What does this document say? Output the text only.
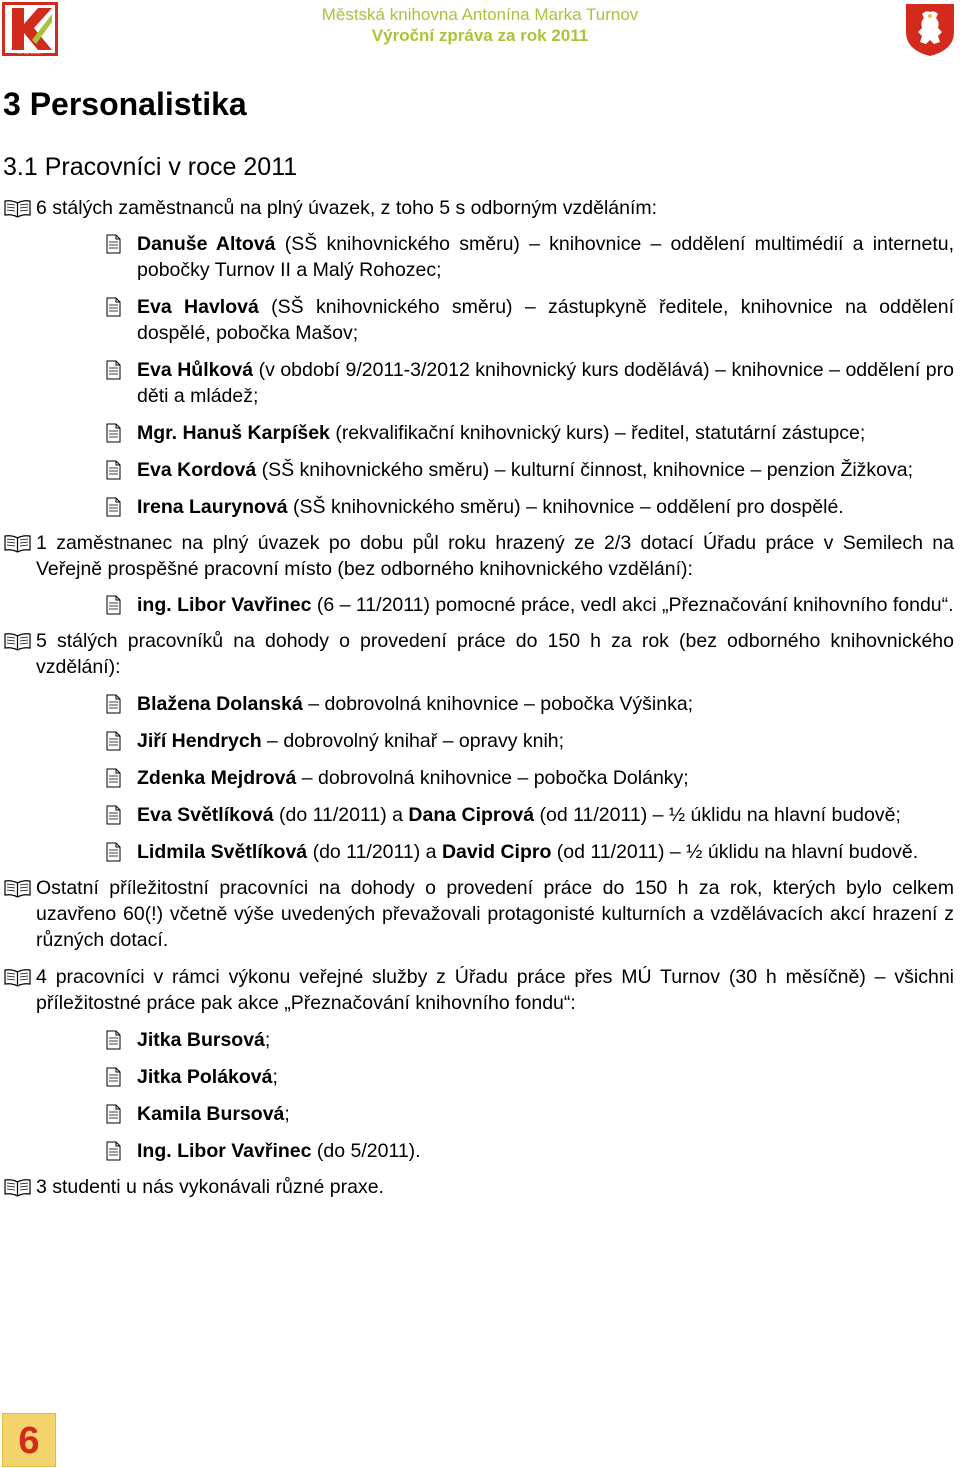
A. MARKA
Městská knihovna Antonína Marka Turnov
Výroční zpráva za rok 2011
3 Personalistika
3.1 Pracovníci v roce 2011
6 stálých zaměstnanců na plný úvazek, z toho 5 s odborným vzděláním:
Danuše Altová (SŠ knihovnického směru) – knihovnice – oddělení multimédií a internetu, pobočky Turnov II a Malý Rohozec;
Eva Havlová (SŠ knihovnického směru) – zástupkyně ředitele, knihovnice na oddělení dospělé, pobočka Mašov;
Eva Hůlková (v období 9/2011-3/2012 knihovnický kurs dodělává) – knihovnice – oddělení pro děti a mládež;
Mgr. Hanuš Karpíšek (rekvalifikační knihovnický kurs) – ředitel, statutární zástupce;
Eva Kordová (SŠ knihovnického směru) – kulturní činnost, knihovnice – penzion Žižkova;
Irena Laurynová (SŠ knihovnického směru) – knihovnice – oddělení pro dospělé.
1 zaměstnanec na plný úvazek po dobu půl roku hrazený ze 2/3 dotací Úřadu práce v Semilech na Veřejně prospěšné pracovní místo (bez odborného knihovnického vzdělání):
ing. Libor Vavřinec (6 – 11/2011) pomocné práce, vedl akci „Přeznačování knihovního fondu“.
5 stálých pracovníků na dohody o provedení práce do 150 h za rok (bez odborného knihovnického vzdělání):
Blažena Dolanská – dobrovolná knihovnice – pobočka Výšinka;
Jiří Hendrych – dobrovolný knihař – opravy knih;
Zdenka Mejdrová – dobrovolná knihovnice – pobočka Dolánky;
Eva Světlíková (do 11/2011) a Dana Ciprová (od 11/2011) – ½ úklidu na hlavní budově;
Lidmila Světlíková (do 11/2011) a David Cipro (od 11/2011) – ½ úklidu na hlavní budově.
Ostatní příležitostní pracovníci na dohody o provedení práce do 150 h za rok, kterých bylo celkem uzavřeno 60(!) včetně výše uvedených převažovali protagonisté kulturních a vzdělávacích akcí hrazení z různých dotací.
4 pracovníci v rámci výkonu veřejné služby z Úřadu práce přes MÚ Turnov (30 h měsíčně) – všichni příležitostné práce pak akce „Přeznačování knihovního fondu“:
Jitka Bursová;
Jitka Poláková;
Kamila Bursová;
Ing. Libor Vavřinec (do 5/2011).
3 studenti u nás vykonávali různé praxe.
6
